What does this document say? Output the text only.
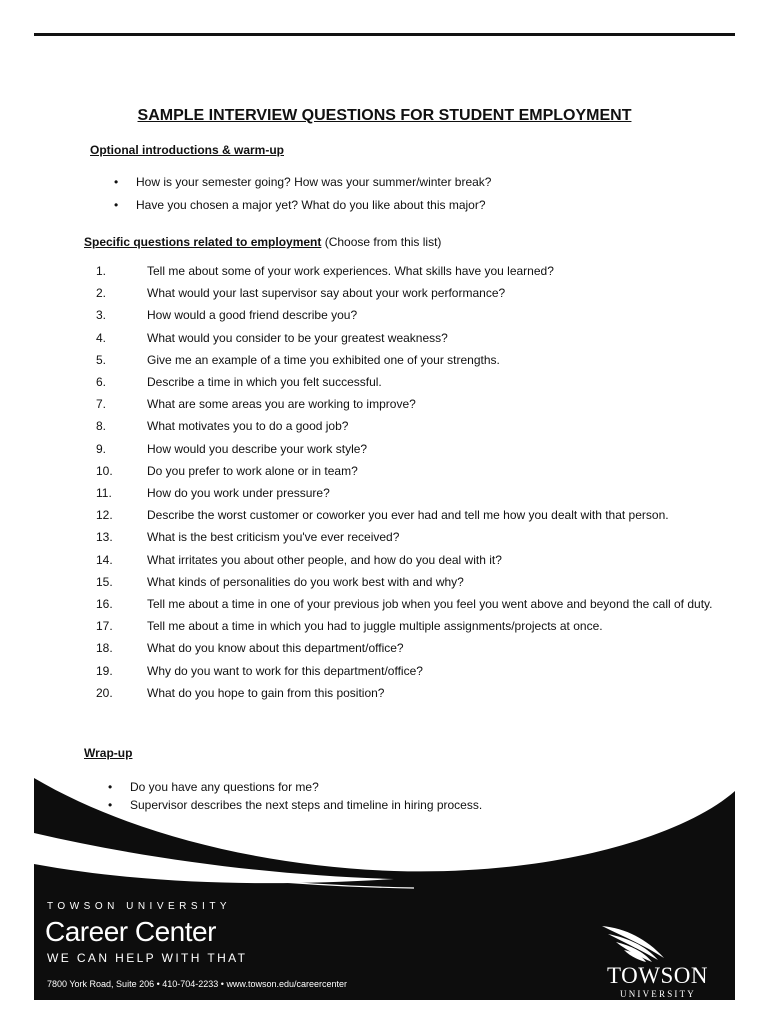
SAMPLE INTERVIEW QUESTIONS FOR STUDENT EMPLOYMENT

Optional introductions & warm-up

• How is your semester going? How was your summer/winter break?
• Have you chosen a major yet? What do you like about this major?

Specific questions related to employment (Choose from this list)

1.	Tell me about some of your work experiences. What skills have you learned?
2.	What would your last supervisor say about your work performance?
3.	How would a good friend describe you?
4.	What would you consider to be your greatest weakness?
5.	Give me an example of a time you exhibited one of your strengths.
6.	Describe a time in which you felt successful.
7.	What are some areas you are working to improve?
8.	What motivates you to do a good job?
9.	How would you describe your work style?
10.	Do you prefer to work alone or in team?
11.	How do you work under pressure?
12.	Describe the worst customer or coworker you ever had and tell me how you dealt with that person.
13.	What is the best criticism you've ever received?
14.	What irritates you about other people, and how do you deal with it?
15.	What kinds of personalities do you work best with and why?
16.	Tell me about a time in one of your previous job when you feel you went above and beyond the call of duty.
17.	Tell me about a time in which you had to juggle multiple assignments/projects at once.
18.	What do you know about this department/office?
19.	Why do you want to work for this department/office?
20.	What do you hope to gain from this position?

Wrap-up

• Do you have any questions for me?
• Supervisor describes the next steps and timeline in hiring process.

TOWSON UNIVERSITY

Career Center

WE CAN HELP WITH THAT

7800 York Road, Suite 206 • 410-704-2233 • www.towson.edu/careercenter	TOWSON

UNIVERSITY
